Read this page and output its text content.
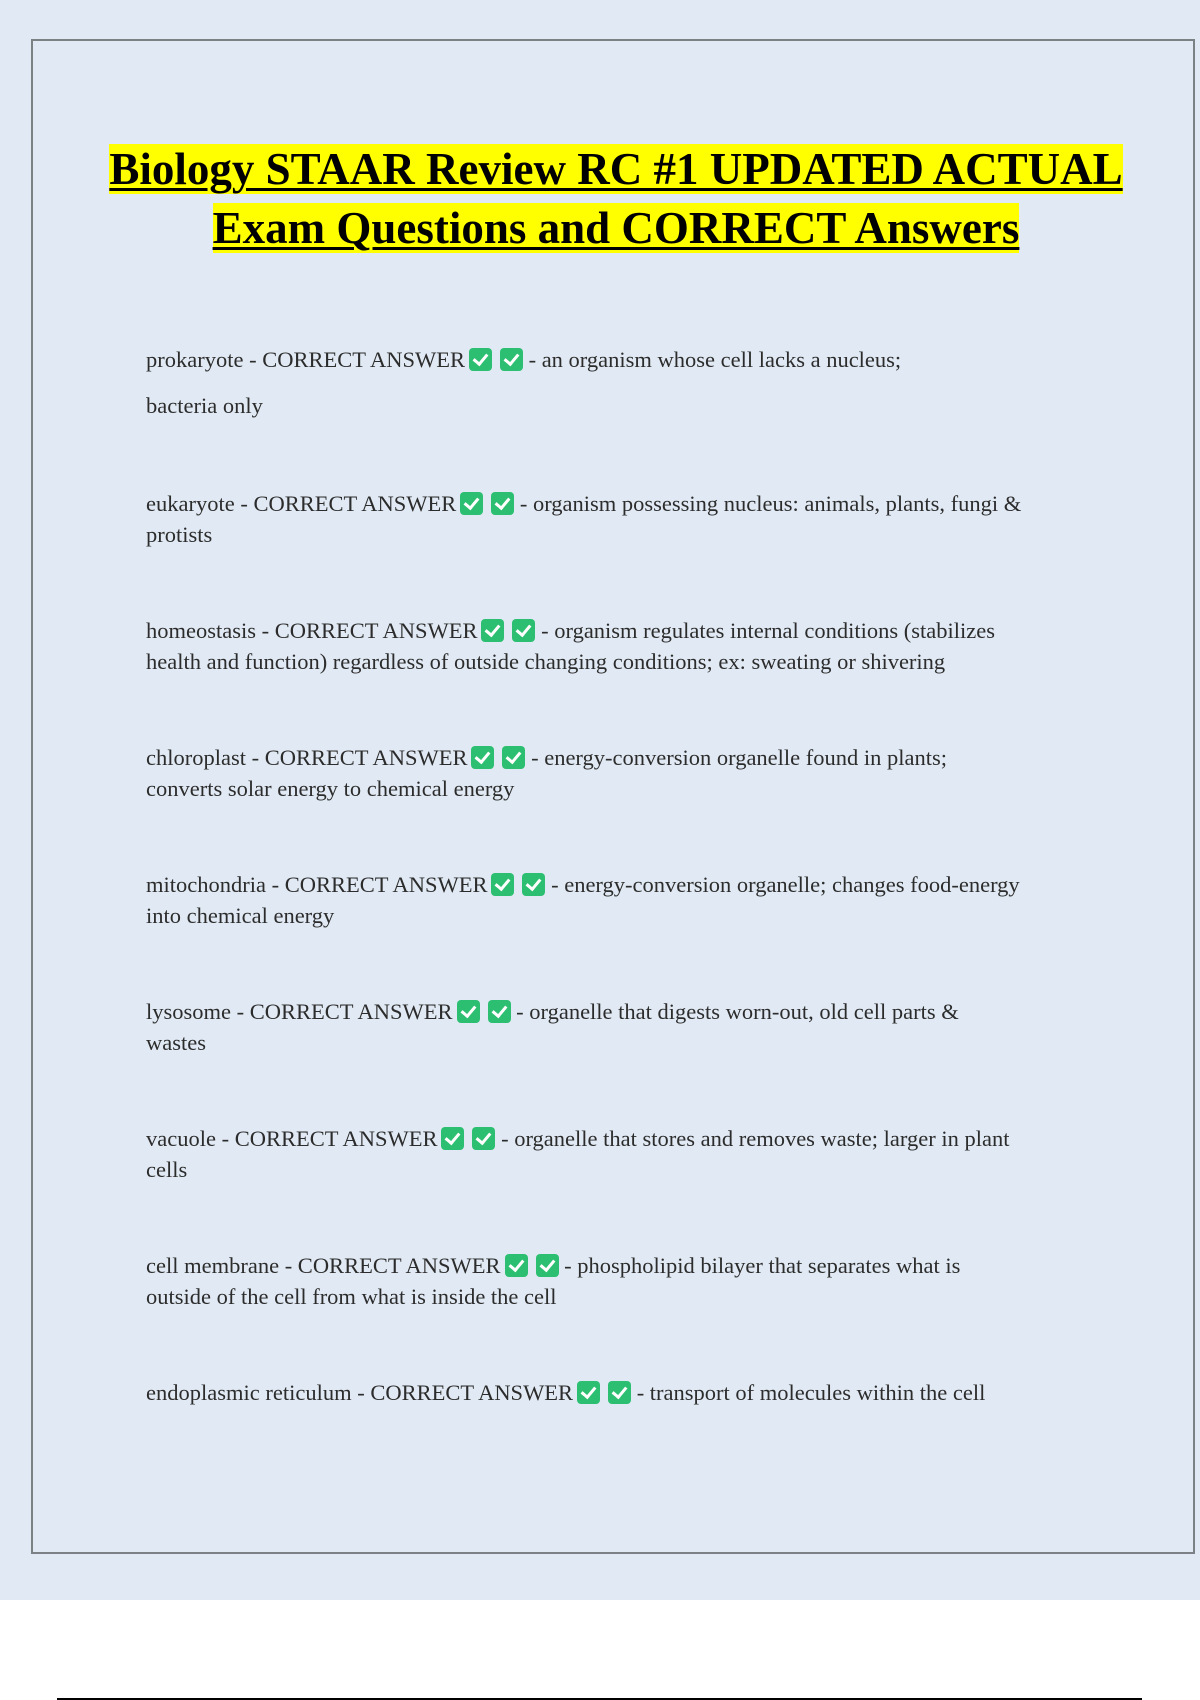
Biology STAAR Review RC #1 UPDATED ACTUAL Exam Questions and CORRECT Answers
prokaryote - CORRECT ANSWER	- an organism whose cell lacks a nucleus;
bacteria only
eukaryote - CORRECT ANSWER	- organism possessing nucleus: animals, plants, fungi &
protists
homeostasis - CORRECT ANSWER	- organism regulates internal conditions (stabilizes
health and function) regardless of outside changing conditions; ex: sweating or shivering
chloroplast - CORRECT ANSWER	- energy-conversion organelle found in plants;
converts solar energy to chemical energy
mitochondria - CORRECT ANSWER	- energy-conversion organelle; changes food-energy
into chemical energy
lysosome - CORRECT ANSWER	- organelle that digests worn-out, old cell parts &
wastes
vacuole - CORRECT ANSWER	- organelle that stores and removes waste; larger in plant
cells
cell membrane - CORRECT ANSWER	- phospholipid bilayer that separates what is
outside of the cell from what is inside the cell
endoplasmic reticulum - CORRECT ANSWER	- transport of molecules within the cell
